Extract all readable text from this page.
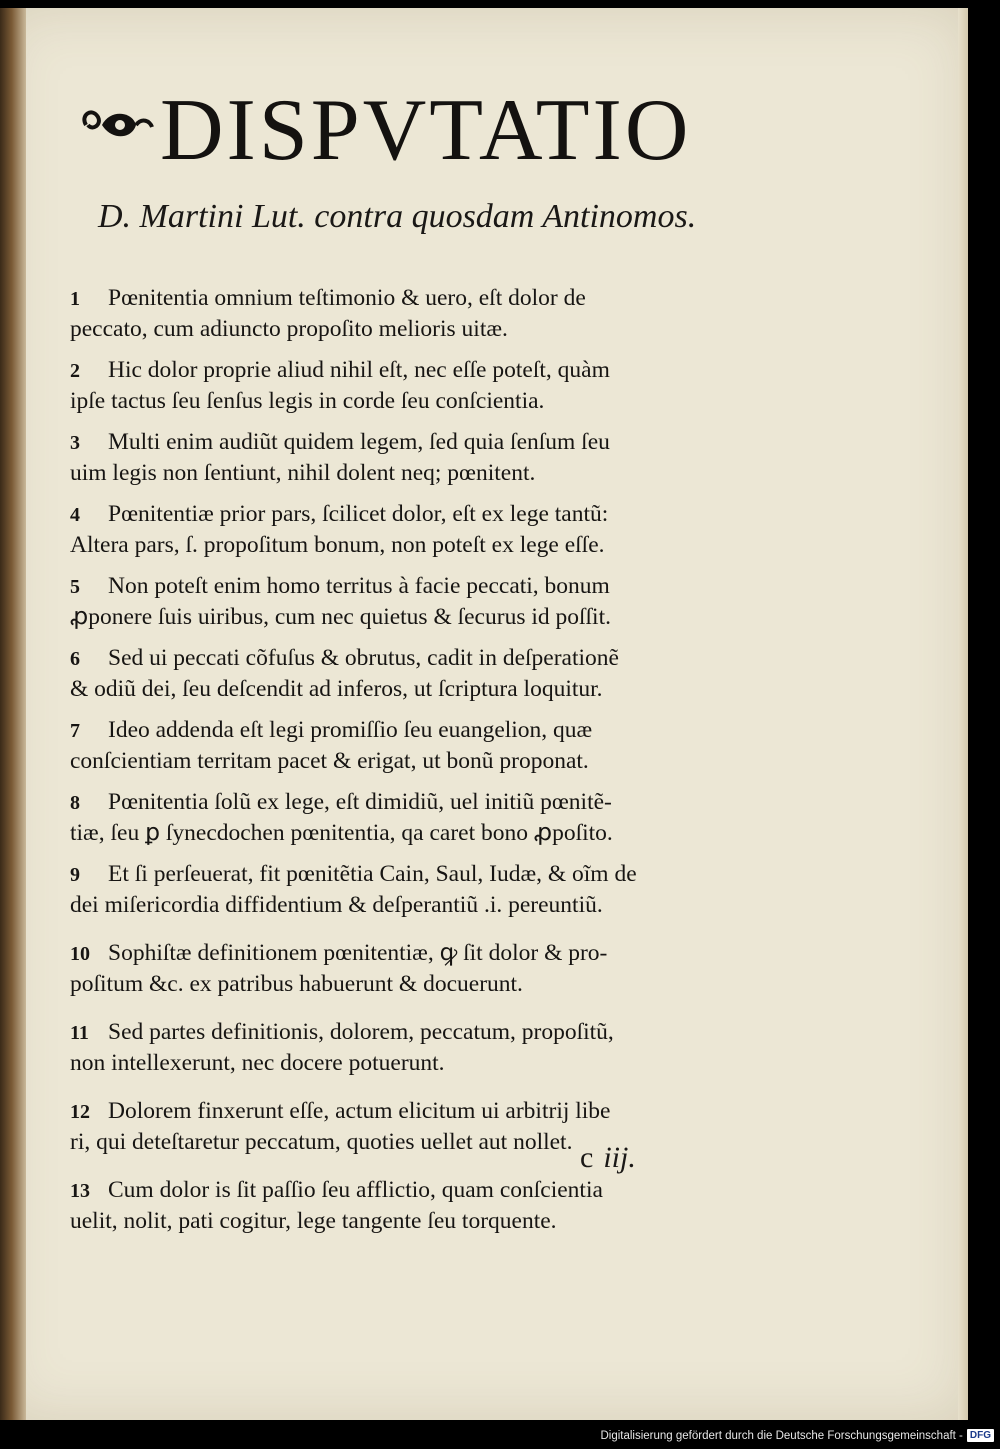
DISPVTATIO
D. Martini Lut. contra quosdam Antinomos.
1 Pœnitentia omnium teſtimonio & uero, eſt dolor de
peccato, cum adiuncto propoſito melioris uitæ.
2 Hic dolor proprie aliud nihil eſt, nec eſſe poteſt, quàm
ipſe tactus ſeu ſenſus legis in corde ſeu conſcientia.
3 Multi enim audiũt quidem legem, ſed quia ſenſum ſeu
uim legis non ſentiunt, nihil dolent neq; pœnitent.
4 Pœnitentiæ prior pars, ſcilicet dolor, eſt ex lege tantũ:
Altera pars, ſ. propoſitum bonum, non poteſt ex lege eſſe.
5 Non poteſt enim homo territus à facie peccati, bonum
ꝓponere ſuis uiribus, cum nec quietus & ſecurus id poſſit.
6 Sed ui peccati cõfuſus & obrutus, cadit in deſperationẽ
& odiũ dei, ſeu deſcendit ad inferos, ut ſcriptura loquitur.
7 Ideo addenda eſt legi promiſſio ſeu euangelion, quæ
conſcientiam territam pacet & erigat, ut bonũ proponat.
8 Pœnitentia ſolũ ex lege, eſt dimidiũ, uel initiũ pœnitẽ-
tiæ, ſeu ꝑ ſynecdochen pœnitentia, qa caret bono ꝓpoſito.
9 Et ſi perſeuerat, fit pœnitẽtia Cain, Saul, Iudæ, & oĩm de
dei miſericordia diffidentium & deſperantiũ .i. pereuntiũ.
10 Sophiſtæ definitionem pœnitentiæ, ꝙ ſit dolor & pro-
poſitum &c. ex patribus habuerunt & docuerunt.
11 Sed partes definitionis, dolorem, peccatum, propoſitũ,
non intellexerunt, nec docere potuerunt.
12 Dolorem finxerunt eſſe, actum elicitum ui arbitrij libe
ri, qui deteſtaretur peccatum, quoties uellet aut nollet.
13 Cum dolor is ſit paſſio ſeu afflictio, quam conſcientia
uelit, nolit, pati cogitur, lege tangente ſeu torquente.
c iij.
Digitalisierung gefördert durch die Deutsche Forschungsgemeinschaft - DFG
